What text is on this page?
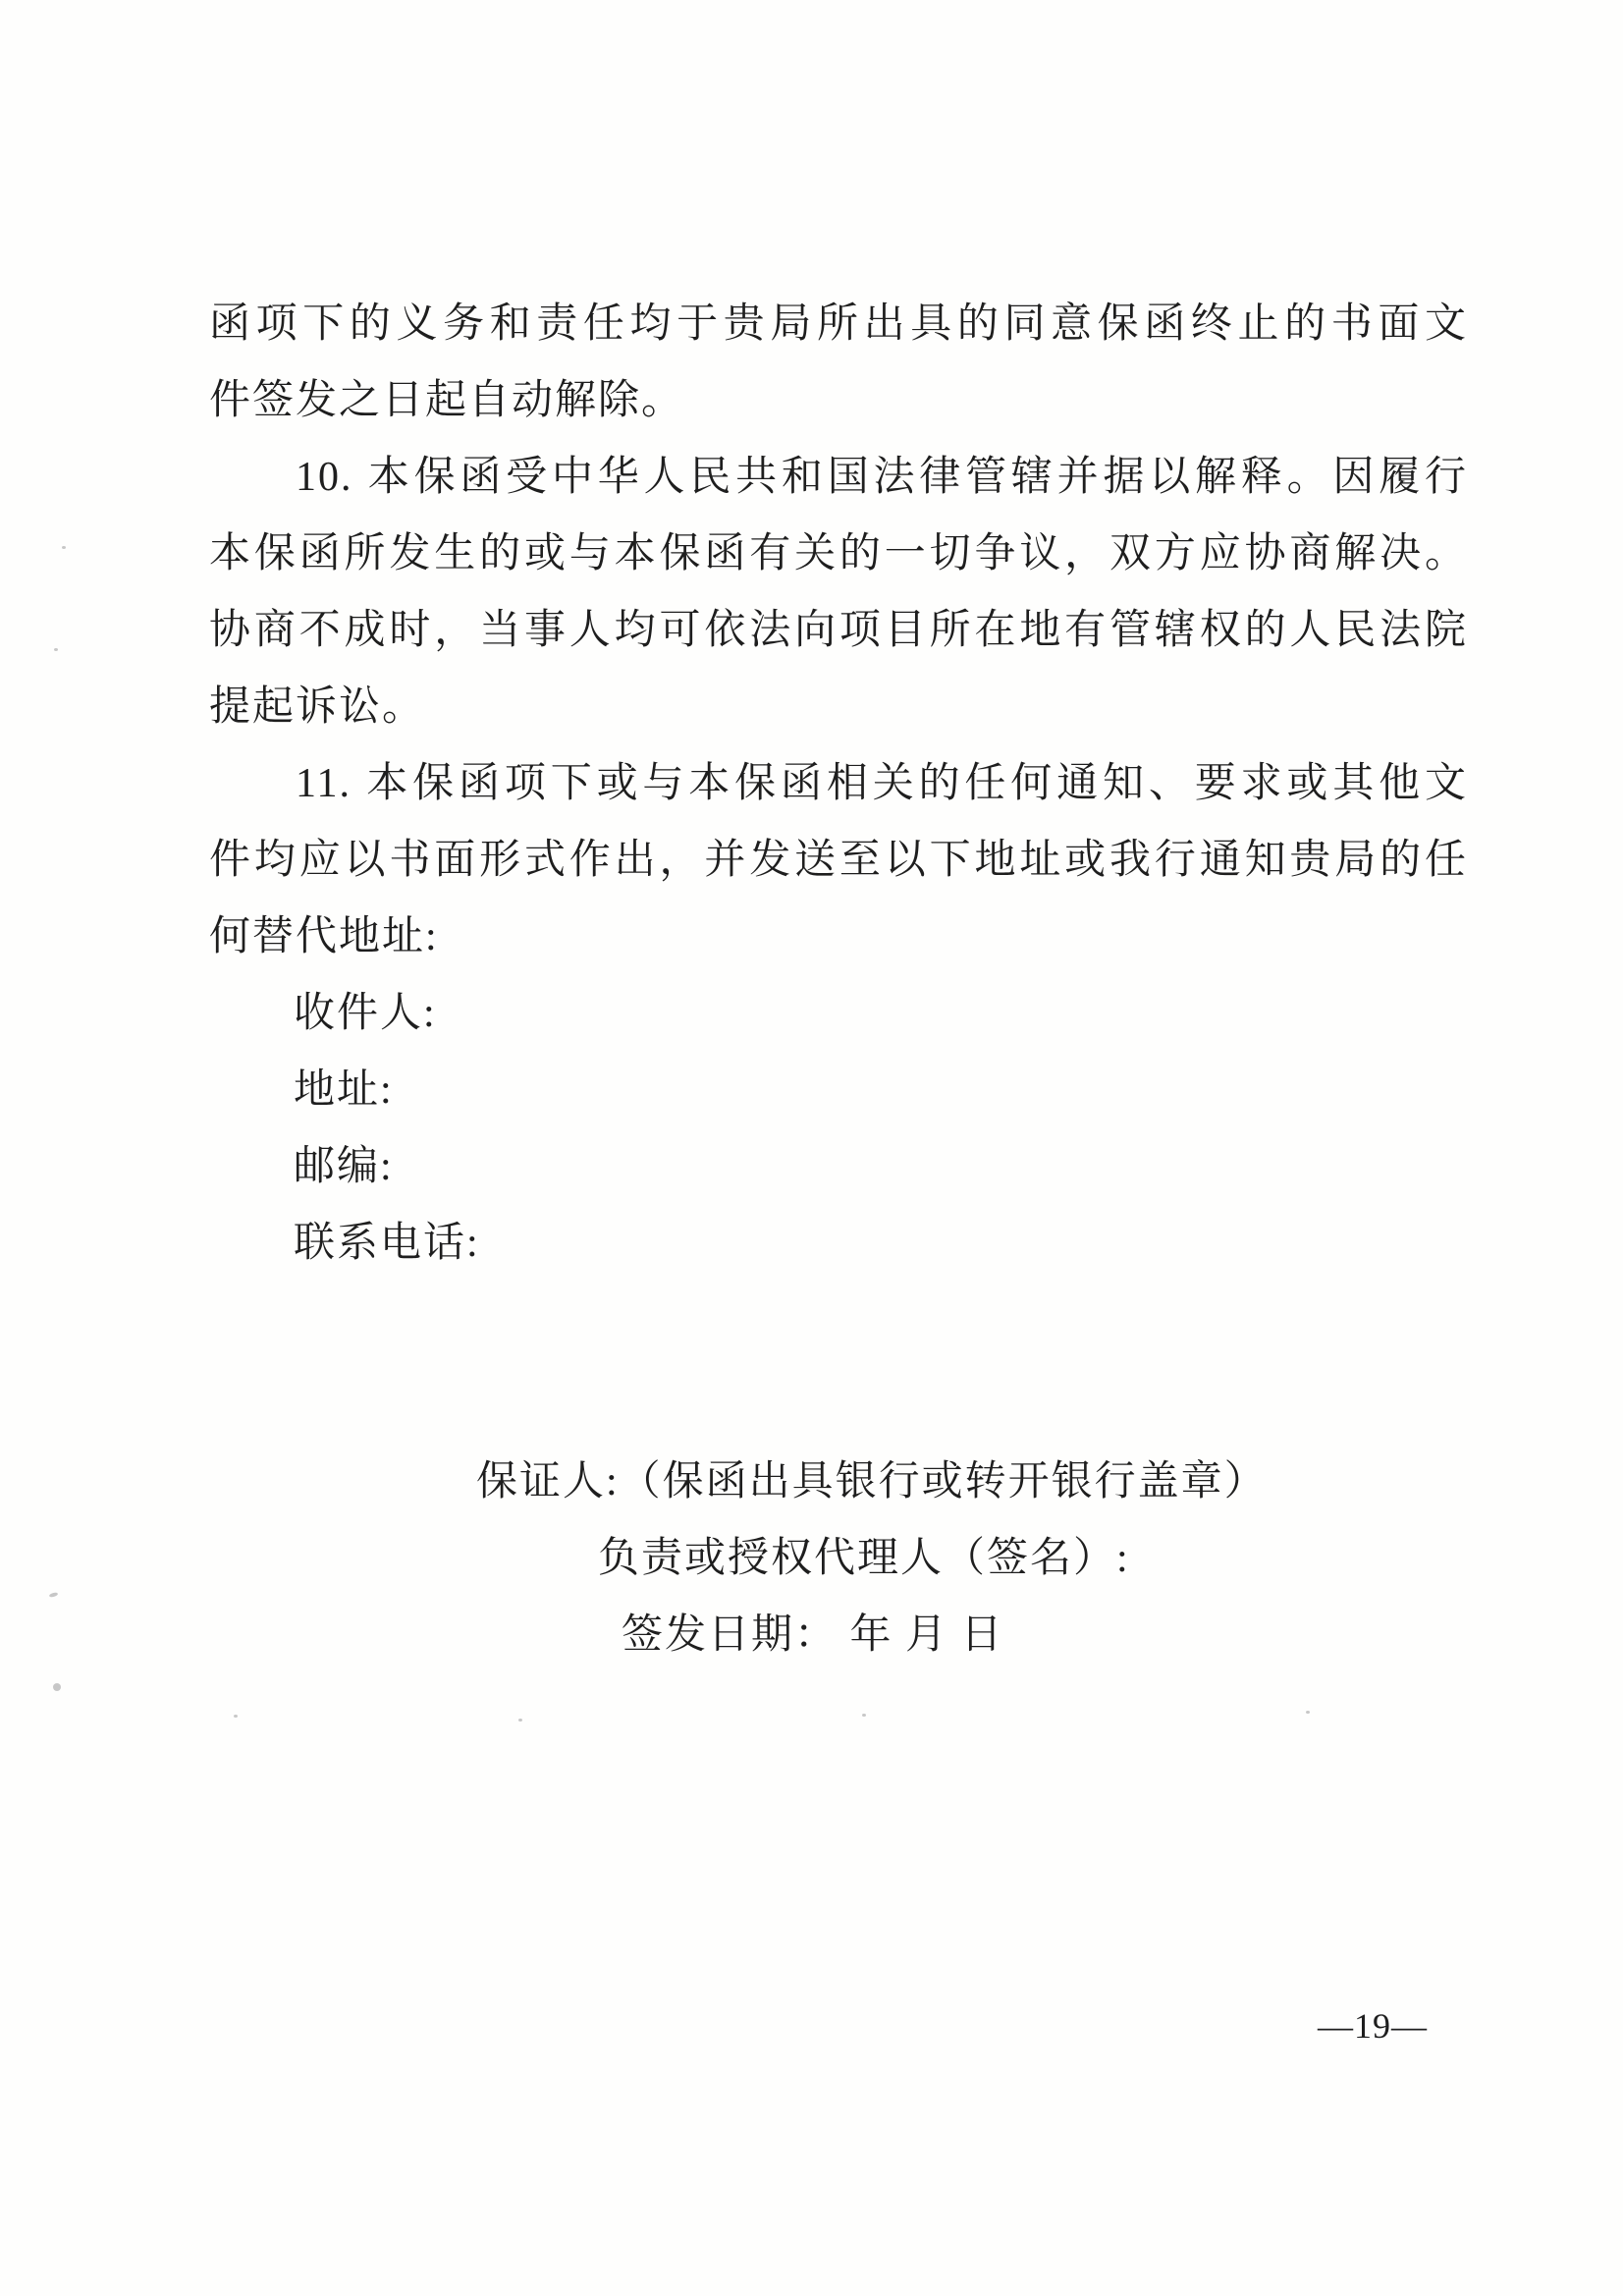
函项下的义务和责任均于贵局所出具的同意保函终止的书面文
件签发之日起自动解除。
10. 本保函受中华人民共和国法律管辖并据以解释。因履行
本保函所发生的或与本保函有关的一切争议，双方应协商解决。
协商不成时，当事人均可依法向项目所在地有管辖权的人民法院
提起诉讼。
11. 本保函项下或与本保函相关的任何通知、要求或其他文
件均应以书面形式作出，并发送至以下地址或我行通知贵局的任
何替代地址:
收件人:
地址:
邮编:
联系电话:
保证人:（保函出具银行或转开银行盖章）
负责或授权代理人（签名）:
签发日期： 年 月 日
—19—
